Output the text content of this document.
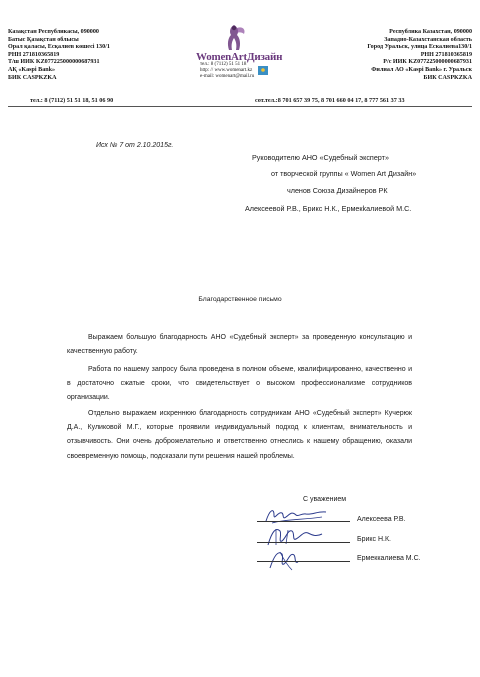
Казақстан Республикасы, 090000
Батыс Қазақстан облысы
Орал қаласы, Есқалиев көшесі 130/1
РНН 271810365819
Т/ш ИИК KZ077225000000687931
АҚ «Kaspi Bank»
БИК CASPKZKA
WomenArtДизайн
тел.: 8 (7112) 51 51 18
http: // www.womenart.kz
e-mail: womenart@mail.ru
Республика Казахстан, 090000
Западно-Казахстанская область
Город Уральск, улица Ескалиева130/1
РНН 271810365819
Р/с ИИК KZ077225000000687931
Филиал АО «Kaspi Bank» г. Уральск
БИК CASPKZKA
тел.: 8 (7112) 51 51 18, 51 06 90	сот.тел.:8 701 657 39 75, 8 701 660 04 17, 8 777 561 37 33
Исх № 7 от 2.10.2015г.
Руководителю АНО «Судебный эксперт»
от творческой группы « Women Art Дизайн»
членов Союза Дизайнеров РК
Алексеевой Р.В., Брикс Н.К., Ермекkалиевой М.С.
Благодарственное письмо
Выражаем большую благодарность АНО «Судебный эксперт» за проведенную консультацию и качественную работу.
Работа по нашему запросу была проведена в полном объеме, квалифицированно, качественно и в достаточно сжатые сроки, что свидетельствует о высоком профессионализме сотрудников организации.
Отдельно выражаем искреннюю благодарность сотрудникам АНО «Судебный эксперт» Кучерюк Д.А., Куликовой М.Г., которые проявили индивидуальный подход к клиентам, внимательность и отзывчивость. Они очень доброжелательно и ответственно отнеслись к нашему обращению, оказали своевременную помощь, подсказали пути решения нашей проблемы.
С уважением
Алексеева Р.В.
Брикс Н.К.
Ермеккалиева М.С.
